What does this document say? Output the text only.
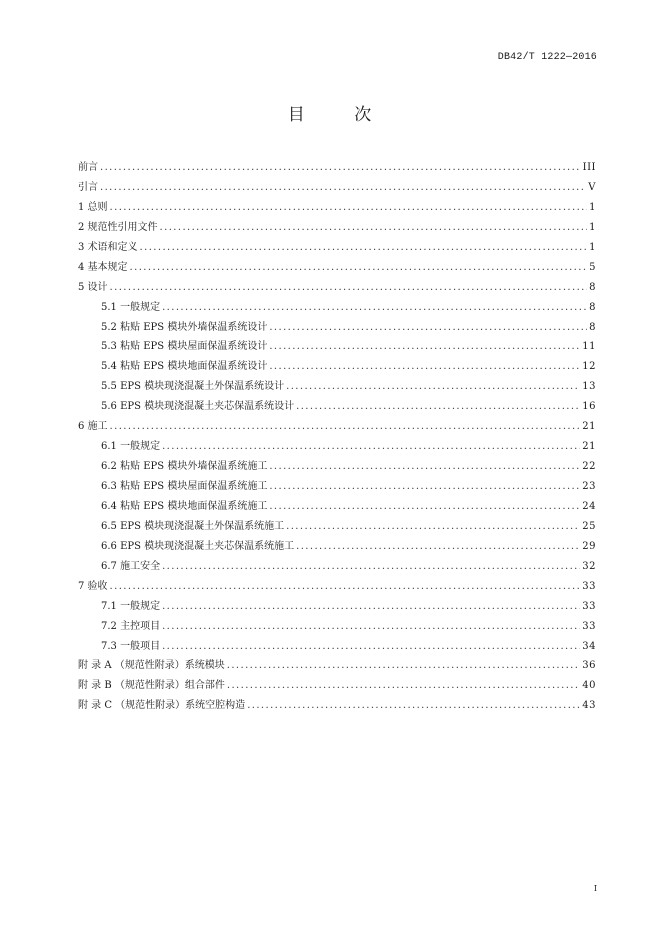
DB42/T 1222—2016
目 次
前言 .....	III
引言 .....	V
1 总则 .....	1
2 规范性引用文件 .....	1
3 术语和定义 .....	1
4 基本规定 .....	5
5 设计 .....	8
5.1 一般规定 .....	8
5.2 粘贴 EPS 模块外墙保温系统设计 .....	8
5.3 粘贴 EPS 模块屋面保温系统设计 .....	11
5.4 粘贴 EPS 模块地面保温系统设计 .....	12
5.5 EPS 模块现浇混凝土外保温系统设计 .....	13
5.6 EPS 模块现浇混凝土夹芯保温系统设计 .....	16
6 施工 .....	21
6.1 一般规定 .....	21
6.2 粘贴 EPS 模块外墙保温系统施工 .....	22
6.3 粘贴 EPS 模块屋面保温系统施工 .....	23
6.4 粘贴 EPS 模块地面保温系统施工 .....	24
6.5 EPS 模块现浇混凝土外保温系统施工 .....	25
6.6 EPS 模块现浇混凝土夹芯保温系统施工 .....	29
6.7 施工安全 .....	32
7 验收 .....	33
7.1 一般规定 .....	33
7.2 主控项目 .....	33
7.3 一般项目 .....	34
附 录 A （规范性附录）系统模块 .....	36
附 录 B （规范性附录）组合部件 .....	40
附 录 C （规范性附录）系统空腔构造 .....	43
I
